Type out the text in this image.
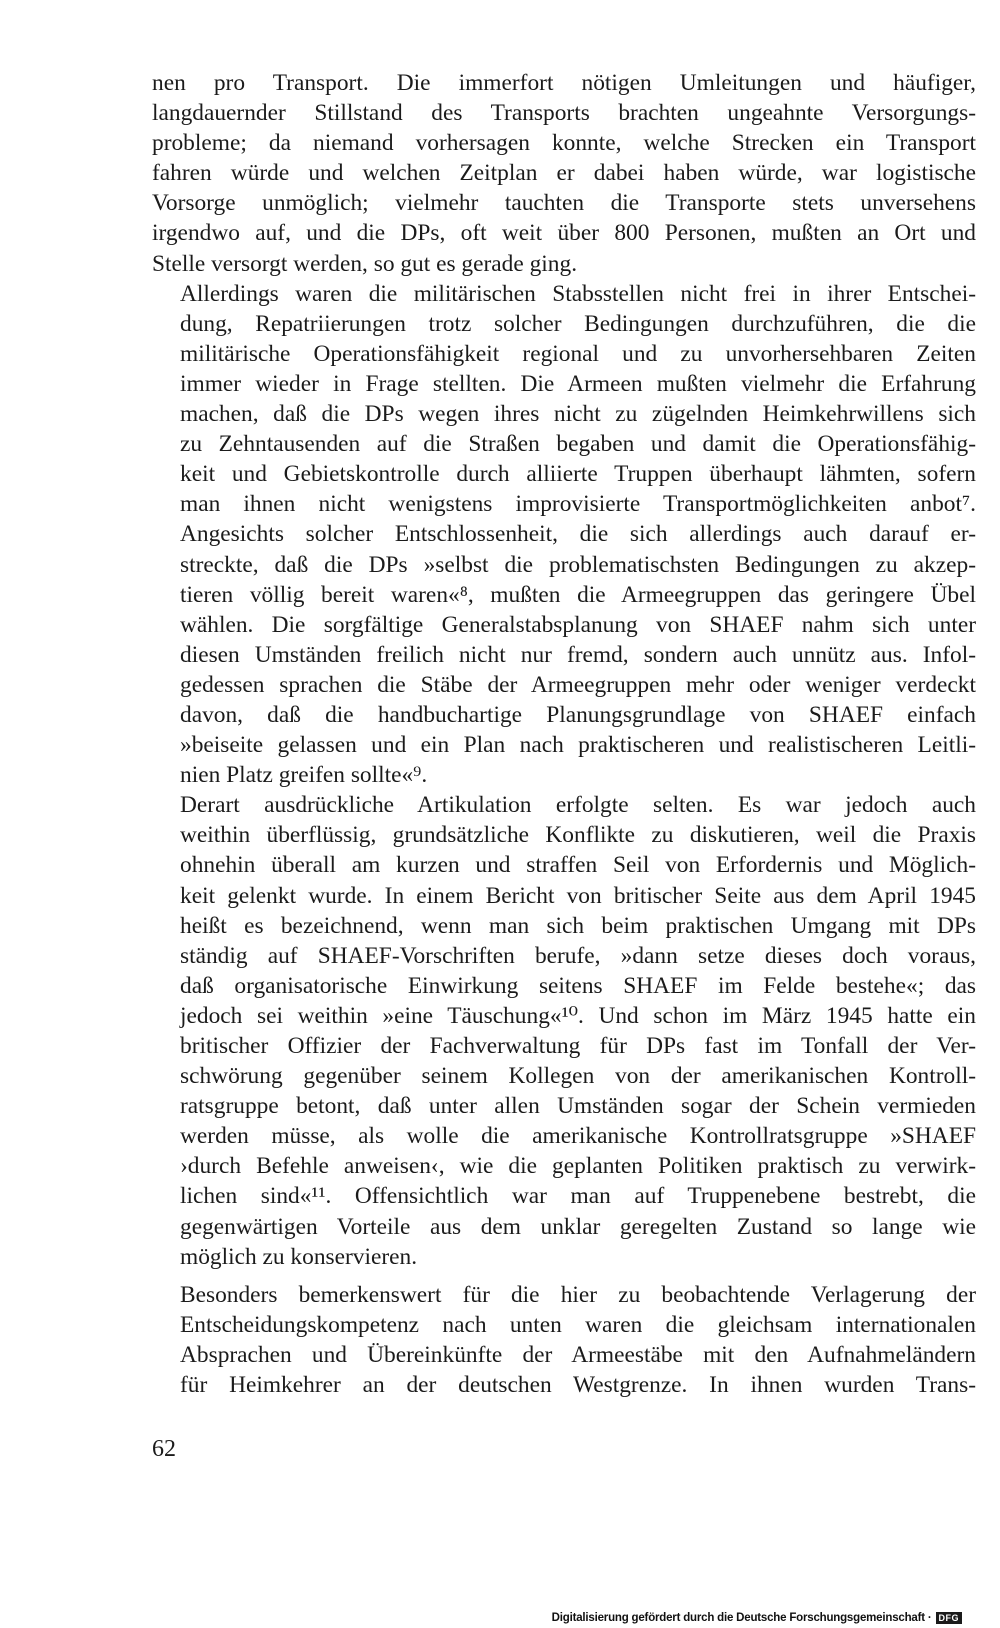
nen pro Transport. Die immerfort nötigen Umleitungen und häufiger,
langdauernder Stillstand des Transports brachten ungeahnte Versorgungs-
probleme; da niemand vorhersagen konnte, welche Strecken ein Transport
fahren würde und welchen Zeitplan er dabei haben würde, war logistische
Vorsorge unmöglich; vielmehr tauchten die Transporte stets unversehens
irgendwo auf, und die DPs, oft weit über 800 Personen, mußten an Ort und
Stelle versorgt werden, so gut es gerade ging.

Allerdings waren die militärischen Stabsstellen nicht frei in ihrer Entschei-
dung, Repatriierungen trotz solcher Bedingungen durchzuführen, die die
militärische Operationsfähigkeit regional und zu unvorhersehbaren Zeiten
immer wieder in Frage stellten. Die Armeen mußten vielmehr die Erfahrung
machen, daß die DPs wegen ihres nicht zu zügelnden Heimkehrwillens sich
zu Zehntausenden auf die Straßen begaben und damit die Operationsfähig-
keit und Gebietskontrolle durch alliierte Truppen überhaupt lähmten, sofern
man ihnen nicht wenigstens improvisierte Transportmöglichkeiten anbot⁷.
Angesichts solcher Entschlossenheit, die sich allerdings auch darauf er-
streckte, daß die DPs »selbst die problematischsten Bedingungen zu akzep-
tieren völlig bereit waren«⁸, mußten die Armeegruppen das geringere Übel
wählen. Die sorgfältige Generalstabsplanung von SHAEF nahm sich unter
diesen Umständen freilich nicht nur fremd, sondern auch unnütz aus. Infol-
gedessen sprachen die Stäbe der Armeegruppen mehr oder weniger verdeckt
davon, daß die handbuchartige Planungsgrundlage von SHAEF einfach
»beiseite gelassen und ein Plan nach praktischeren und realistischeren Leitli-
nien Platz greifen sollte«⁹.

Derart ausdrückliche Artikulation erfolgte selten. Es war jedoch auch
weithin überflüssig, grundsätzliche Konflikte zu diskutieren, weil die Praxis
ohnehin überall am kurzen und straffen Seil von Erfordernis und Möglich-
keit gelenkt wurde. In einem Bericht von britischer Seite aus dem April 1945
heißt es bezeichnend, wenn man sich beim praktischen Umgang mit DPs
ständig auf SHAEF-Vorschriften berufe, »dann setze dieses doch voraus,
daß organisatorische Einwirkung seitens SHAEF im Felde bestehe«; das
jedoch sei weithin »eine Täuschung«¹⁰. Und schon im März 1945 hatte ein
britischer Offizier der Fachverwaltung für DPs fast im Tonfall der Ver-
schwörung gegenüber seinem Kollegen von der amerikanischen Kontroll-
ratsgruppe betont, daß unter allen Umständen sogar der Schein vermieden
werden müsse, als wolle die amerikanische Kontrollratsgruppe »SHAEF
›durch Befehle anweisen‹, wie die geplanten Politiken praktisch zu verwirk-
lichen sind«¹¹. Offensichtlich war man auf Truppenebene bestrebt, die
gegenwärtigen Vorteile aus dem unklar geregelten Zustand so lange wie
möglich zu konservieren.

Besonders bemerkenswert für die hier zu beobachtende Verlagerung der
Entscheidungskompetenz nach unten waren die gleichsam internationalen
Absprachen und Übereinkünfte der Armeestäbe mit den Aufnahmeländern
für Heimkehrer an der deutschen Westgrenze. In ihnen wurden Trans-

62
Digitalisierung gefördert durch die Deutsche Forschungsgemeinschaft · DFG
